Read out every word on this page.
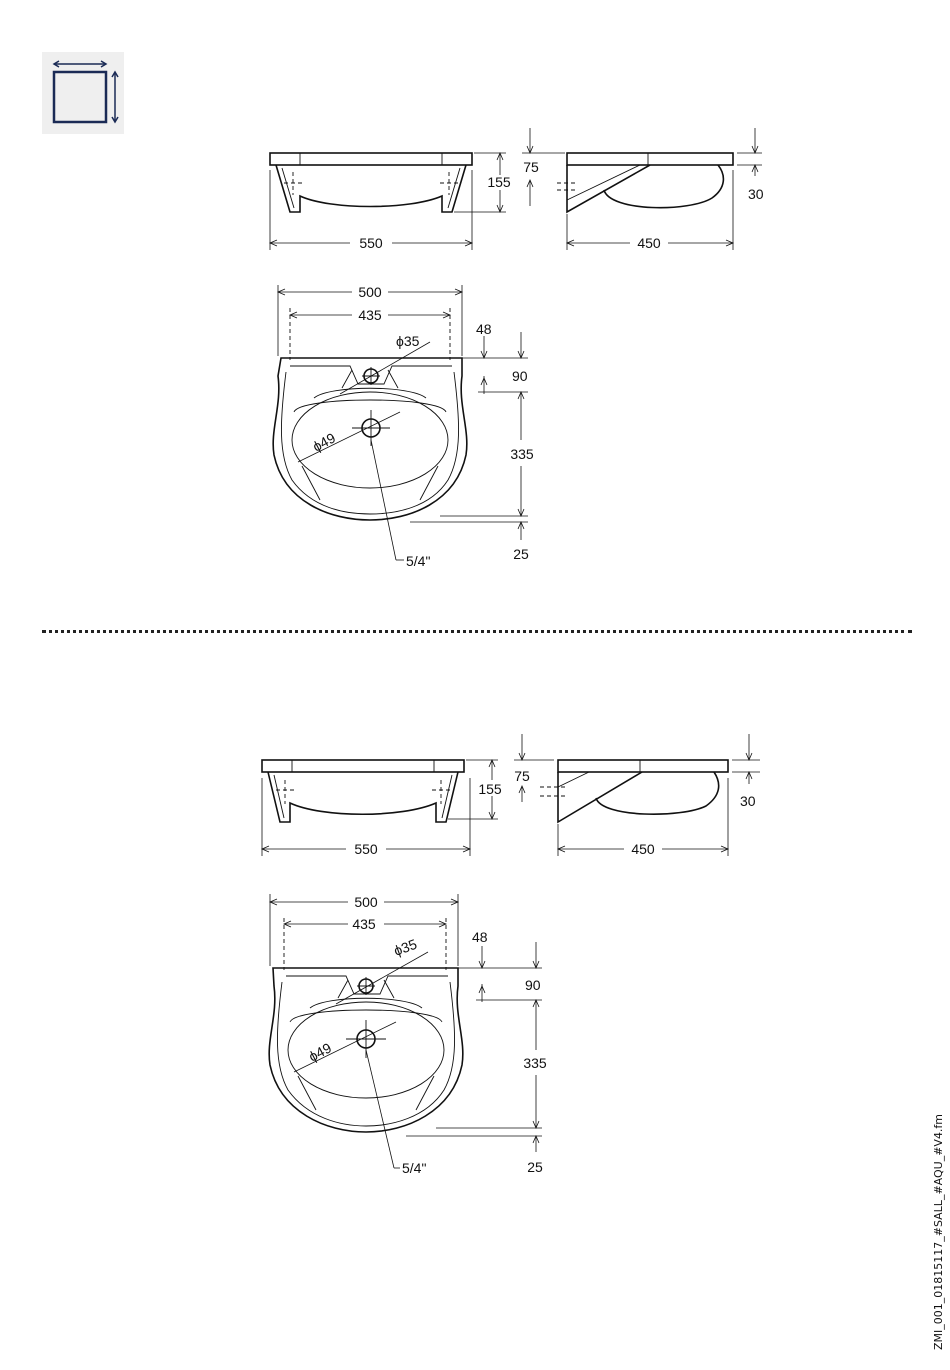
550
155
75
30
450
ϕ35
ϕ49
5/4"
500
435
48
90
335
25
550
155
75
30
450
ϕ35
ϕ49
5/4"
500
435
48
90
335
25	ZMI_001_01815117_#SALL_#AQU_#V4.fm
